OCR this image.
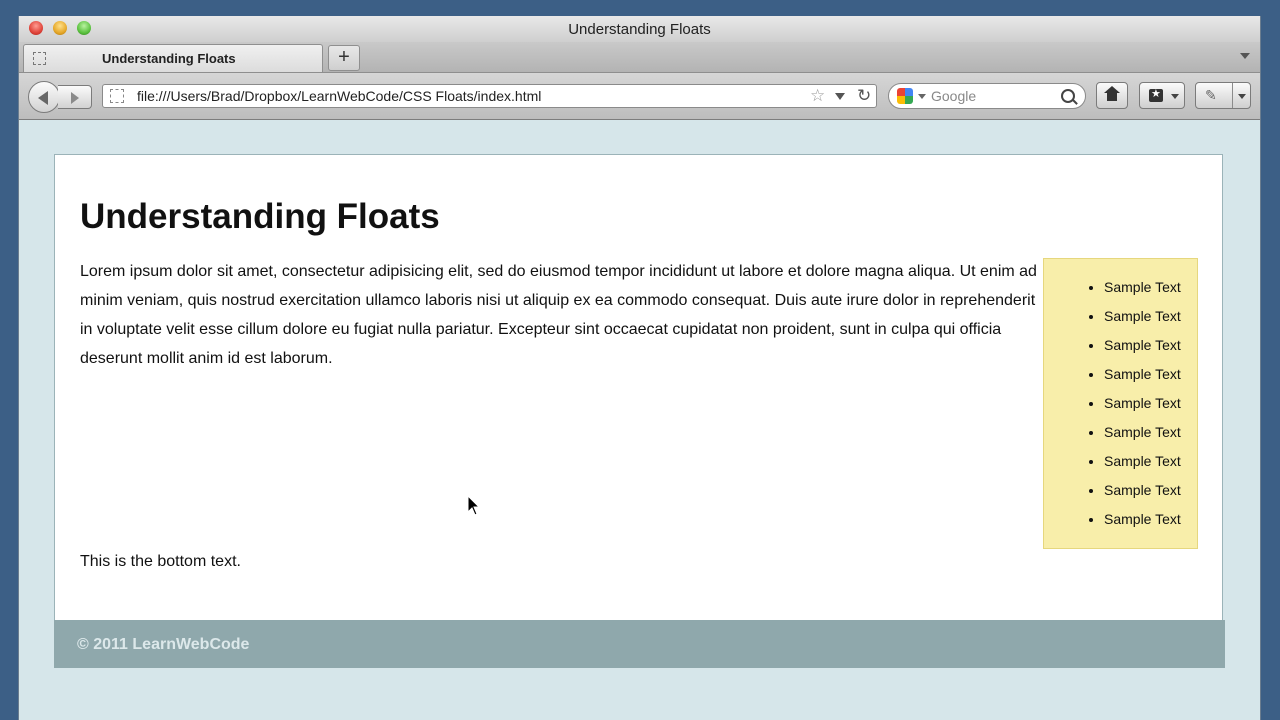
Understanding Floats
Understanding Floats	+
file:///Users/Brad/Dropbox/LearnWebCode/CSS Floats/index.html	☆ ↻	Google
★	✎
Understanding Floats

Lorem ipsum dolor sit amet, consectetur adipisicing elit, sed do eiusmod tempor incididunt ut labore et dolore magna aliqua. Ut enim ad minim veniam, quis nostrud exercitation ullamco laboris nisi ut aliquip ex ea commodo consequat. Duis aute irure dolor in reprehenderit in voluptate velit esse cillum dolore eu fugiat nulla pariatur. Excepteur sint occaecat cupidatat non proident, sunt in culpa qui officia deserunt mollit anim id est laborum.

• Sample Text
• Sample Text
• Sample Text
• Sample Text
• Sample Text
• Sample Text
• Sample Text
• Sample Text
• Sample Text

This is the bottom text.

© 2011 LearnWebCode
